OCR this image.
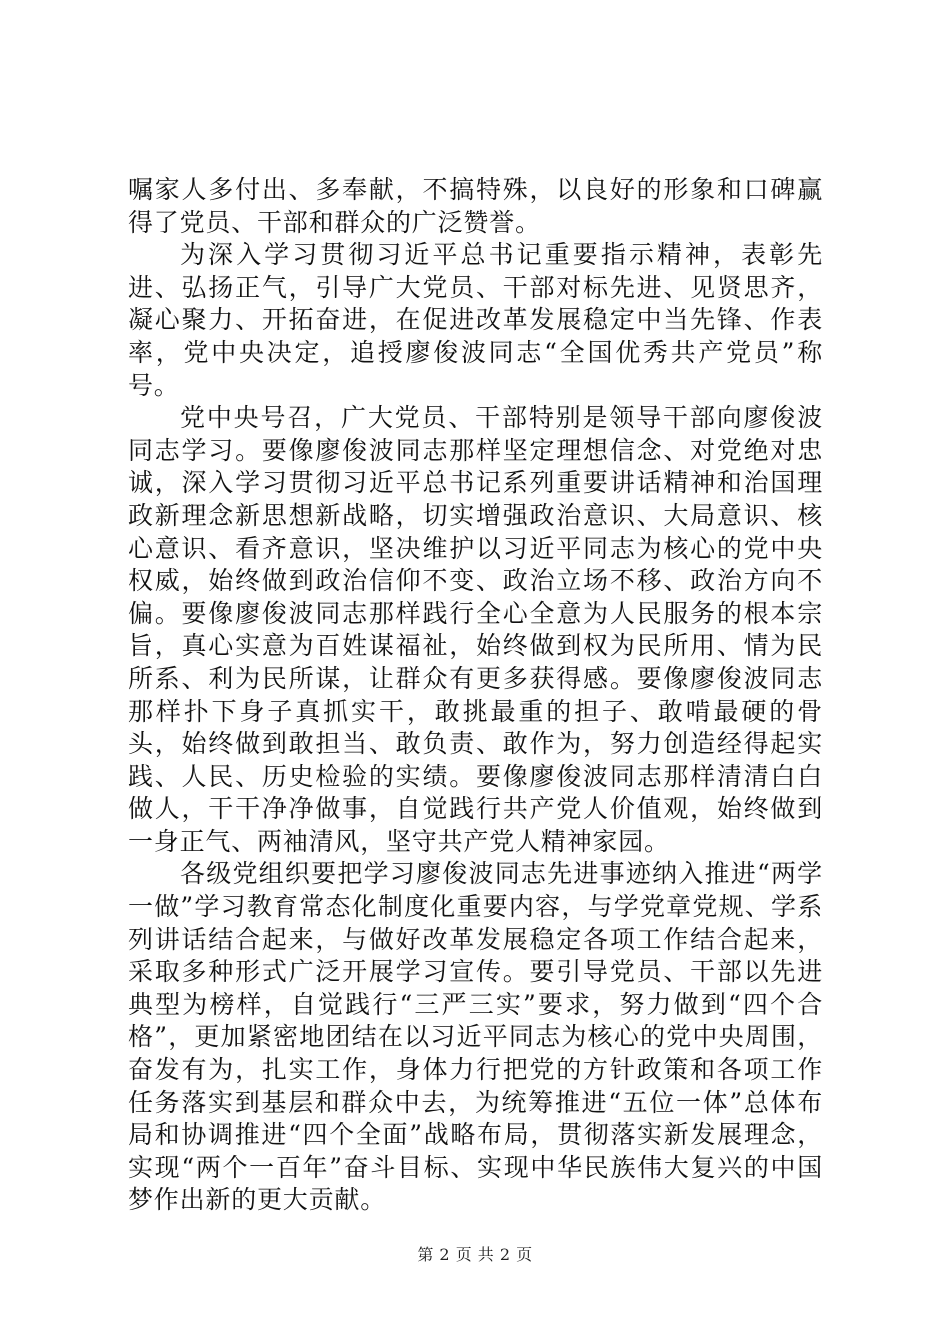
嘱家人多付出、多奉献，不搞特殊，以良好的形象和口碑赢得了党员、干部和群众的广泛赞誉。

为深入学习贯彻习近平总书记重要指示精神，表彰先进、弘扬正气，引导广大党员、干部对标先进、见贤思齐，凝心聚力、开拓奋进，在促进改革发展稳定中当先锋、作表率，党中央决定，追授廖俊波同志“全国优秀共产党员”称号。

党中央号召，广大党员、干部特别是领导干部向廖俊波同志学习。要像廖俊波同志那样坚定理想信念、对党绝对忠诚，深入学习贯彻习近平总书记系列重要讲话精神和治国理政新理念新思想新战略，切实增强政治意识、大局意识、核心意识、看齐意识，坚决维护以习近平同志为核心的党中央权威，始终做到政治信仰不变、政治立场不移、政治方向不偏。要像廖俊波同志那样践行全心全意为人民服务的根本宗旨，真心实意为百姓谋福祉，始终做到权为民所用、情为民所系、利为民所谋，让群众有更多获得感。要像廖俊波同志那样扑下身子真抓实干，敢挑最重的担子、敢啃最硬的骨头，始终做到敢担当、敢负责、敢作为，努力创造经得起实践、人民、历史检验的实绩。要像廖俊波同志那样清清白白做人，干干净净做事，自觉践行共产党人价值观，始终做到一身正气、两袖清风，坚守共产党人精神家园。

各级党组织要把学习廖俊波同志先进事迹纳入推进“两学一做”学习教育常态化制度化重要内容，与学党章党规、学系列讲话结合起来，与做好改革发展稳定各项工作结合起来，采取多种形式广泛开展学习宣传。要引导党员、干部以先进典型为榜样，自觉践行“三严三实”要求，努力做到“四个合格”，更加紧密地团结在以习近平同志为核心的党中央周围，奋发有为，扎实工作，身体力行把党的方针政策和各项工作任务落实到基层和群众中去，为统筹推进“五位一体”总体布局和协调推进“四个全面”战略布局，贯彻落实新发展理念，实现“两个一百年”奋斗目标、实现中华民族伟大复兴的中国梦作出新的更大贡献。

第 2 页 共 2 页
